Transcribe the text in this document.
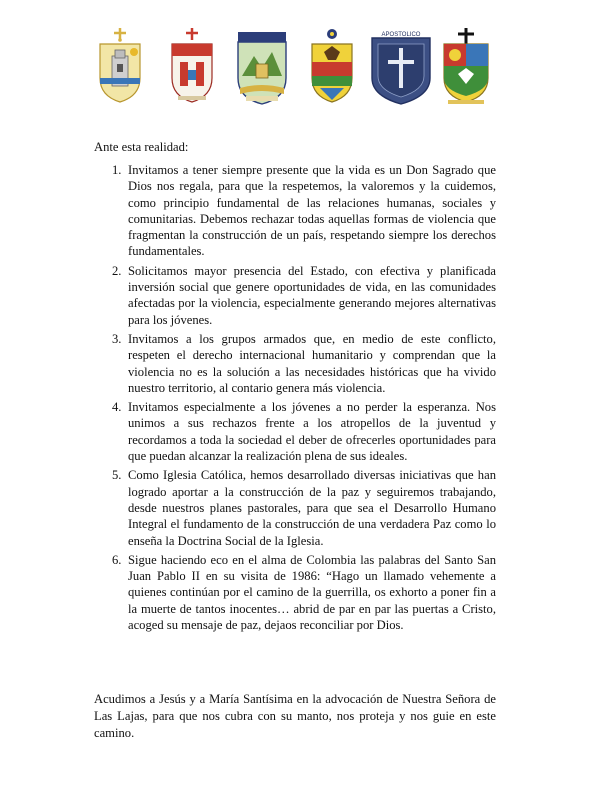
APOSTOLICO

Ante esta realidad:

1. Invitamos a tener siempre presente que la vida es un Don Sagrado que Dios nos regala, para que la respetemos, la valoremos y la cuidemos, como principio fundamental de las relaciones humanas, sociales y comunitarias. Debemos rechazar todas aquellas formas de violencia que fragmentan la construcción de un país, respetando siempre los derechos fundamentales.
2. Solicitamos mayor presencia del Estado, con efectiva y planificada inversión social que genere oportunidades de vida, en las comunidades afectadas por la violencia, especialmente generando mejores alternativas para los jóvenes.
3. Invitamos a los grupos armados que, en medio de este conflicto, respeten el derecho internacional humanitario y comprendan que la violencia no es la solución a las necesidades históricas que ha vivido nuestro territorio, al contario genera más violencia.
4. Invitamos especialmente a los jóvenes a no perder la esperanza. Nos unimos a sus rechazos frente a los atropellos de la juventud y recordamos a toda la sociedad el deber de ofrecerles oportunidades para que puedan alcanzar la realización plena de sus ideales.
5. Como Iglesia Católica, hemos desarrollado diversas iniciativas que han logrado aportar a la construcción de la paz y seguiremos trabajando, desde nuestros planes pastorales, para que sea el Desarrollo Humano Integral el fundamento de la construcción de una verdadera Paz como lo enseña la Doctrina Social de la Iglesia.
6. Sigue haciendo eco en el alma de Colombia las palabras del Santo San Juan Pablo II en su visita de 1986: “Hago un llamado vehemente a quienes continúan por el camino de la guerrilla, os exhorto a poner fin a la muerte de tantos inocentes… abrid de par en par las puertas a Cristo, acoged su mensaje de paz, dejaos reconciliar por Dios.

Acudimos a Jesús y a María Santísima en la advocación de Nuestra Señora de Las Lajas, para que nos cubra con su manto, nos proteja y nos guie en este camino.
